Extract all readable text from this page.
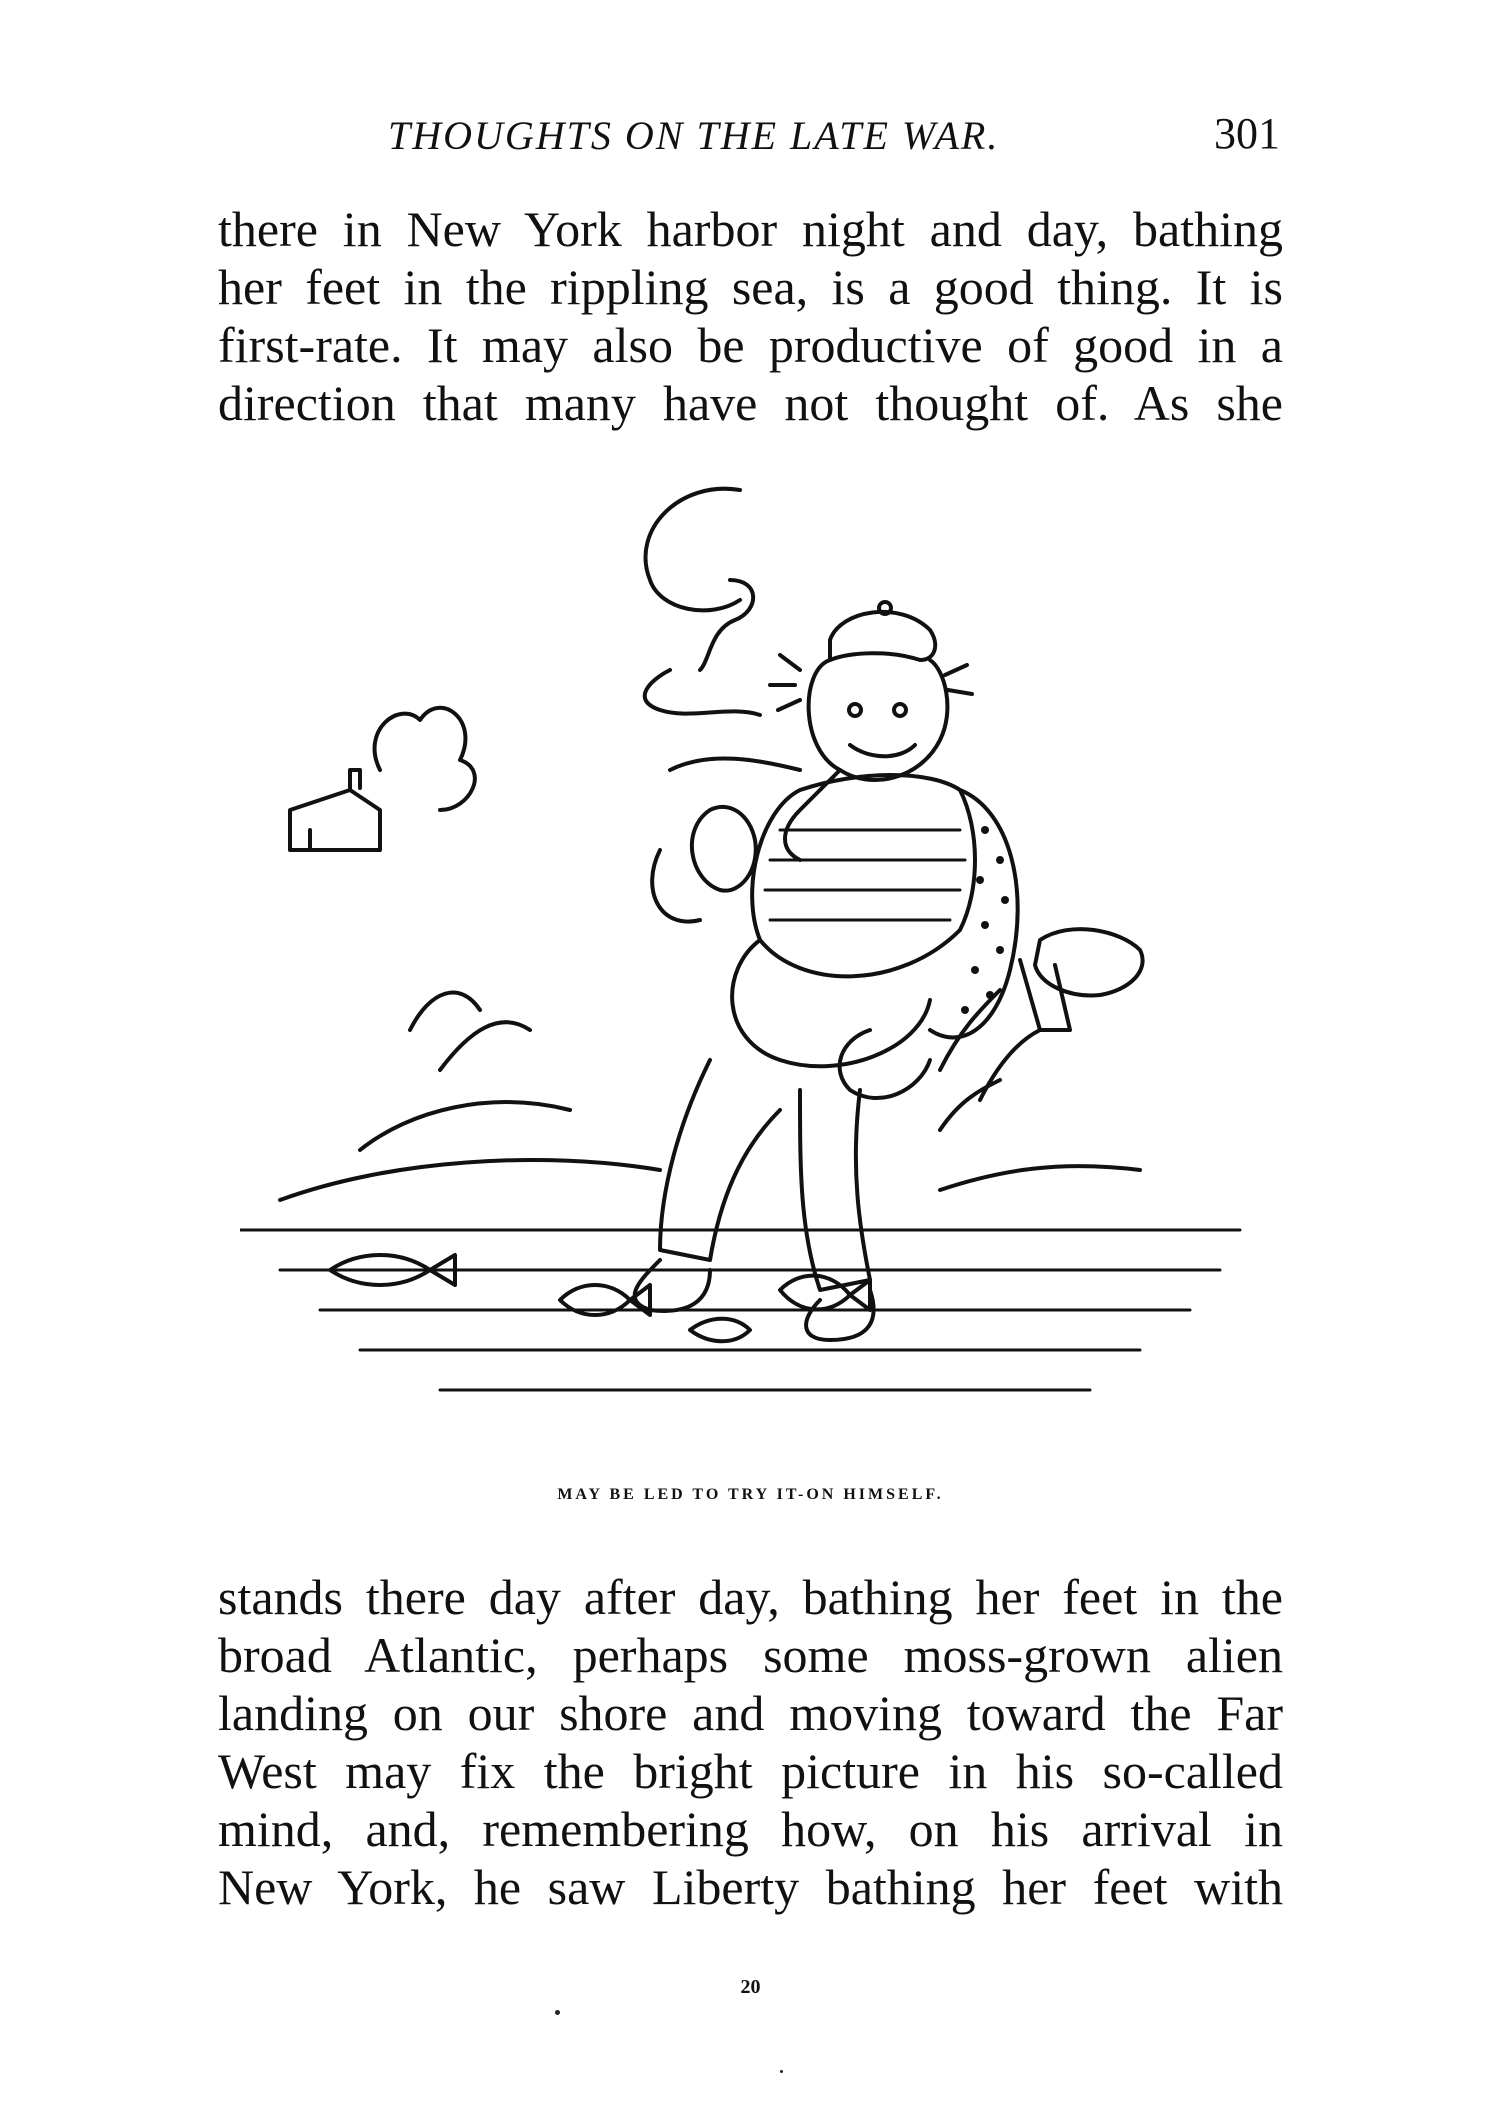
THOUGHTS ON THE LATE WAR.	301

there in New York harbor night and day, bathing
her feet in the rippling sea, is a good thing. It is
first-rate. It may also be productive of good in a
direction that many have not thought of. As she

MAY BE LED TO TRY IT-ON HIMSELF.

stands there day after day, bathing her feet in the
broad Atlantic, perhaps some moss-grown alien
landing on our shore and moving toward the Far
West may fix the bright picture in his so-called
mind, and, remembering how, on his arrival in
New York, he saw Liberty bathing her feet with

20
